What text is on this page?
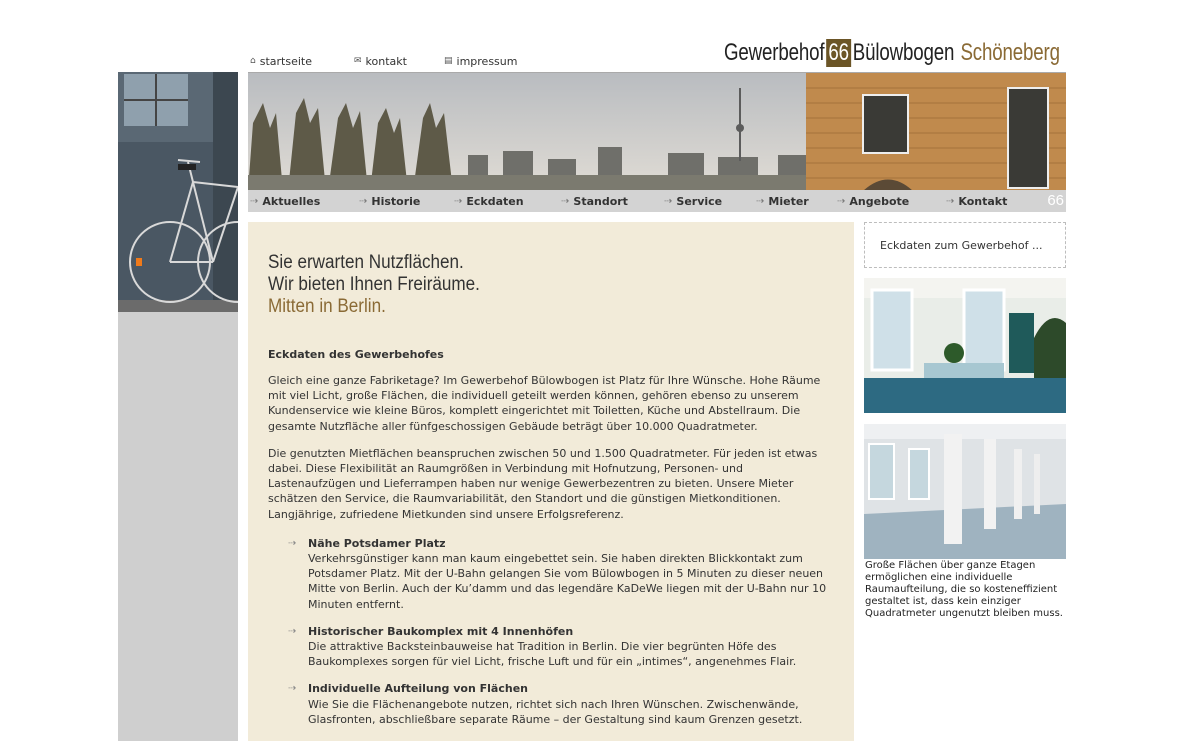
⌂ startseite	✉ kontakt	▤ impressum	Gewerbehof 66 Bülowbogen Schöneberg
⇢ Aktuelles	⇢ Historie	⇢ Eckdaten	⇢ Standort	⇢ Service	⇢ Mieter	⇢ Angebote	⇢ Kontakt	66
Sie erwarten Nutzflächen.
Wir bieten Ihnen Freiräume.
Mitten in Berlin.
Eckdaten des Gewerbehofes

Gleich eine ganze Fabriketage? Im Gewerbehof Bülowbogen ist Platz für Ihre Wünsche. Hohe Räume mit viel Licht, große Flächen, die individuell geteilt werden können, gehören ebenso zu unserem Kundenservice wie kleine Büros, komplett eingerichtet mit Toiletten, Küche und Abstellraum. Die gesamte Nutzfläche aller fünfgeschossigen Gebäude beträgt über 10.000 Quadratmeter.

Die genutzten Mietflächen beanspruchen zwischen 50 und 1.500 Quadratmeter. Für jeden ist etwas dabei. Diese Flexibilität an Raumgrößen in Verbindung mit Hofnutzung, Personen- und Lastenaufzügen und Lieferrampen haben nur wenige Gewerbezentren zu bieten. Unsere Mieter schätzen den Service, die Raumvariabilität, den Standort und die günstigen Mietkonditionen. Langjährige, zufriedene Mietkunden sind unsere Erfolgsreferenz.

⇢ Nähe Potsdamer Platz
Verkehrsgünstiger kann man kaum eingebettet sein. Sie haben direkten Blickkontakt zum Potsdamer Platz. Mit der U-Bahn gelangen Sie vom Bülowbogen in 5 Minuten zu dieser neuen Mitte von Berlin. Auch der Ku’damm und das legendäre KaDeWe liegen mit der U-Bahn nur 10 Minuten entfernt.
⇢ Historischer Baukomplex mit 4 Innenhöfen
Die attraktive Backsteinbauweise hat Tradition in Berlin. Die vier begrünten Höfe des Baukomplexes sorgen für viel Licht, frische Luft und für ein „intimes“, angenehmes Flair.
⇢ Individuelle Aufteilung von Flächen
Wie Sie die Flächenangebote nutzen, richtet sich nach Ihren Wünschen. Zwischenwände, Glasfronten, abschließbare separate Räume – der Gestaltung sind kaum Grenzen gesetzt.
Eckdaten zum Gewerbehof ...
Große Flächen über ganze Etagen ermöglichen eine individuelle Raumaufteilung, die so kosteneffizient gestaltet ist, dass kein einziger Quadratmeter ungenutzt bleiben muss.
